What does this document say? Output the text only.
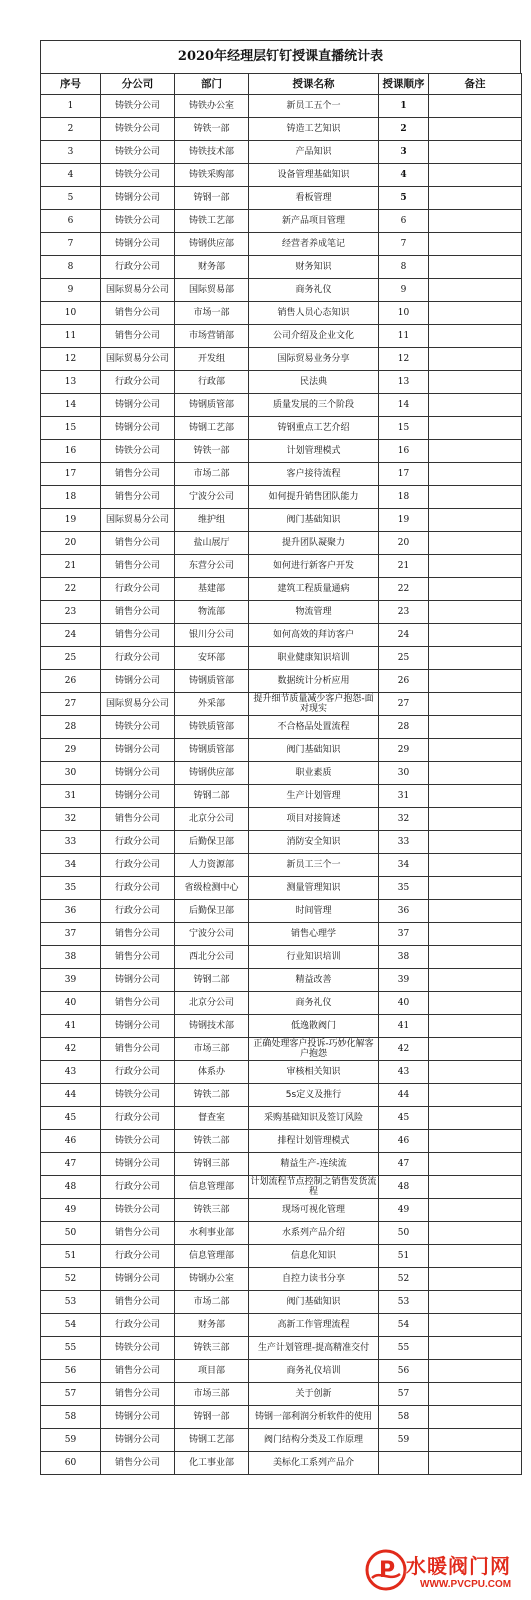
2020年经理层钉钉授课直播统计表
序号	分公司	部门	授课名称	授课顺序	备注
1	铸铁分公司	铸铁办公室	新员工五个一	1	
2	铸铁分公司	铸铁一部	铸造工艺知识	2	
3	铸铁分公司	铸铁技术部	产品知识	3	
4	铸铁分公司	铸铁采购部	设备管理基础知识	4	
5	铸钢分公司	铸钢一部	看板管理	5	
6	铸铁分公司	铸铁工艺部	新产品项目管理	6	
7	铸钢分公司	铸钢供应部	经营者养成笔记	7	
8	行政分公司	财务部	财务知识	8	
9	国际贸易分公司	国际贸易部	商务礼仪	9	
10	销售分公司	市场一部	销售人员心态知识	10	
11	销售分公司	市场营销部	公司介绍及企业文化	11	
12	国际贸易分公司	开发组	国际贸易业务分享	12	
13	行政分公司	行政部	民法典	13	
14	铸钢分公司	铸钢质管部	质量发展的三个阶段	14	
15	铸钢分公司	铸钢工艺部	铸钢重点工艺介绍	15	
16	铸铁分公司	铸铁一部	计划管理模式	16	
17	销售分公司	市场二部	客户接待流程	17	
18	销售分公司	宁波分公司	如何提升销售团队能力	18	
19	国际贸易分公司	维护组	阀门基础知识	19	
20	销售分公司	盐山展厅	提升团队凝聚力	20	
21	销售分公司	东营分公司	如何进行新客户开发	21	
22	行政分公司	基建部	建筑工程质量通病	22	
23	销售分公司	物流部	物流管理	23	
24	销售分公司	银川分公司	如何高效的拜访客户	24	
25	行政分公司	安环部	职业健康知识培训	25	
26	铸钢分公司	铸钢质管部	数据统计分析应用	26	
27	国际贸易分公司	外采部	提升细节质量减少客户抱怨-面对现实	27	
28	铸铁分公司	铸铁质管部	不合格品处置流程	28	
29	铸钢分公司	铸钢质管部	阀门基础知识	29	
30	铸钢分公司	铸钢供应部	职业素质	30	
31	铸钢分公司	铸钢二部	生产计划管理	31	
32	销售分公司	北京分公司	项目对接简述	32	
33	行政分公司	后勤保卫部	消防安全知识	33	
34	行政分公司	人力资源部	新员工三个一	34	
35	行政分公司	省级检测中心	测量管理知识	35	
36	行政分公司	后勤保卫部	时间管理	36	
37	销售分公司	宁波分公司	销售心理学	37	
38	销售分公司	西北分公司	行业知识培训	38	
39	铸钢分公司	铸钢二部	精益改善	39	
40	销售分公司	北京分公司	商务礼仪	40	
41	铸钢分公司	铸钢技术部	低逸散阀门	41	
42	销售分公司	市场三部	正确处理客户投诉-巧妙化解客户抱怨	42	
43	行政分公司	体系办	审核相关知识	43	
44	铸铁分公司	铸铁二部	5s定义及推行	44	
45	行政分公司	督查室	采购基础知识及签订风险	45	
46	铸铁分公司	铸铁二部	排程计划管理模式	46	
47	铸钢分公司	铸钢三部	精益生产-连续流	47	
48	行政分公司	信息管理部	计划流程节点控制之销售发货流程	48	
49	铸铁分公司	铸铁三部	现场可视化管理	49	
50	销售分公司	水利事业部	水系列产品介绍	50	
51	行政分公司	信息管理部	信息化知识	51	
52	铸钢分公司	铸钢办公室	自控力读书分享	52	
53	销售分公司	市场二部	阀门基础知识	53	
54	行政分公司	财务部	高新工作管理流程	54	
55	铸铁分公司	铸铁三部	生产计划管理-提高精准交付	55	
56	销售分公司	项目部	商务礼仪培训	56	
57	销售分公司	市场三部	关于创新	57	
58	铸钢分公司	铸钢一部	铸钢一部利润分析软件的使用	58	
59	铸钢分公司	铸钢工艺部	阀门结构分类及工作原理	59	
60	销售分公司	化工事业部	美标化工系列产品介		
P 水暖阀门网
WWW.PVCPU.COM
